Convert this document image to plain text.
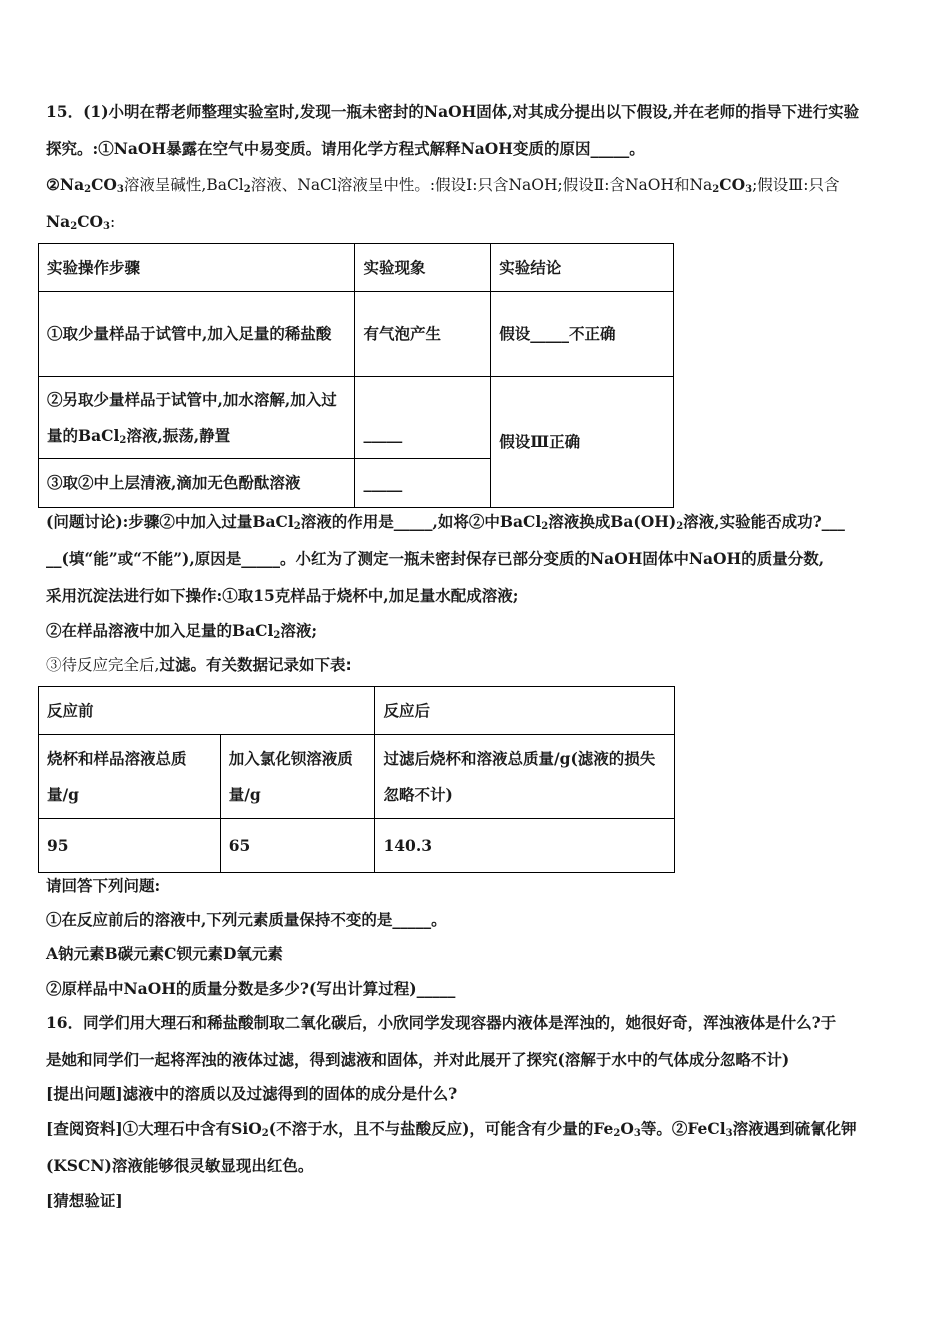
15．(1)小明在帮老师整理实验室时,发现一瓶未密封的NaOH固体,对其成分提出以下假设,并在老师的指导下进行实验
探究。:①NaOH暴露在空气中易变质。请用化学方程式解释NaOH变质的原因_____。
$②Na_2CO_3$溶液呈碱性,BaCl$_2$溶液、NaCl溶液呈中性。:假设I:只含NaOH;假设Ⅱ:含NaOH和$Na_2CO_3$;假设Ⅲ:只含
$Na_2CO_3$:
实验操作步骤	实验现象	实验结论
①取少量样品于试管中,加入足量的稀盐酸	有气泡产生	假设_____不正确
②另取少量样品于试管中,加水溶解,加入过量的BaCl$_2$溶液,振荡,静置	_____	假设Ⅲ正确
③取②中上层清液,滴加无色酚酞溶液	_____	
(问题讨论):步骤②中加入过量BaCl$_2$溶液的作用是_____,如将②中BaCl$_2$溶液换成$Ba(OH)_2$溶液,实验能否成功?___
__(填“能”或“不能”),原因是_____。小红为了测定一瓶未密封保存已部分变质的NaOH固体中NaOH的质量分数,
采用沉淀法进行如下操作:①取15克样品于烧杯中,加足量水配成溶液;
②在样品溶液中加入足量的BaCl$_2$溶液;
③待反应完全后,过滤。有关数据记录如下表:
反应前		反应后
烧杯和样品溶液总质量/g	加入氯化钡溶液质量/g	过滤后烧杯和溶液总质量/g(滤液的损失忽略不计)
95	65	140.3
请回答下列问题:
①在反应前后的溶液中,下列元素质量保持不变的是_____。
A钠元素B碳元素C钡元素D氧元素
②原样品中NaOH的质量分数是多少?(写出计算过程)_____
16．同学们用大理石和稀盐酸制取二氧化碳后，小欣同学发现容器内液体是浑浊的，她很好奇，浑浊液体是什么?于
是她和同学们一起将浑浊的液体过滤，得到滤液和固体，并对此展开了探究(溶解于水中的气体成分忽略不计)
[提出问题]滤液中的溶质以及过滤得到的固体的成分是什么?
[查阅资料]①大理石中含有SiO$_2$(不溶于水，且不与盐酸反应)，可能含有少量的$Fe_2O_3$等。②FeCl$_3$溶液遇到硫氰化钾
(KSCN)溶液能够很灵敏显现出红色。
[猜想验证]
